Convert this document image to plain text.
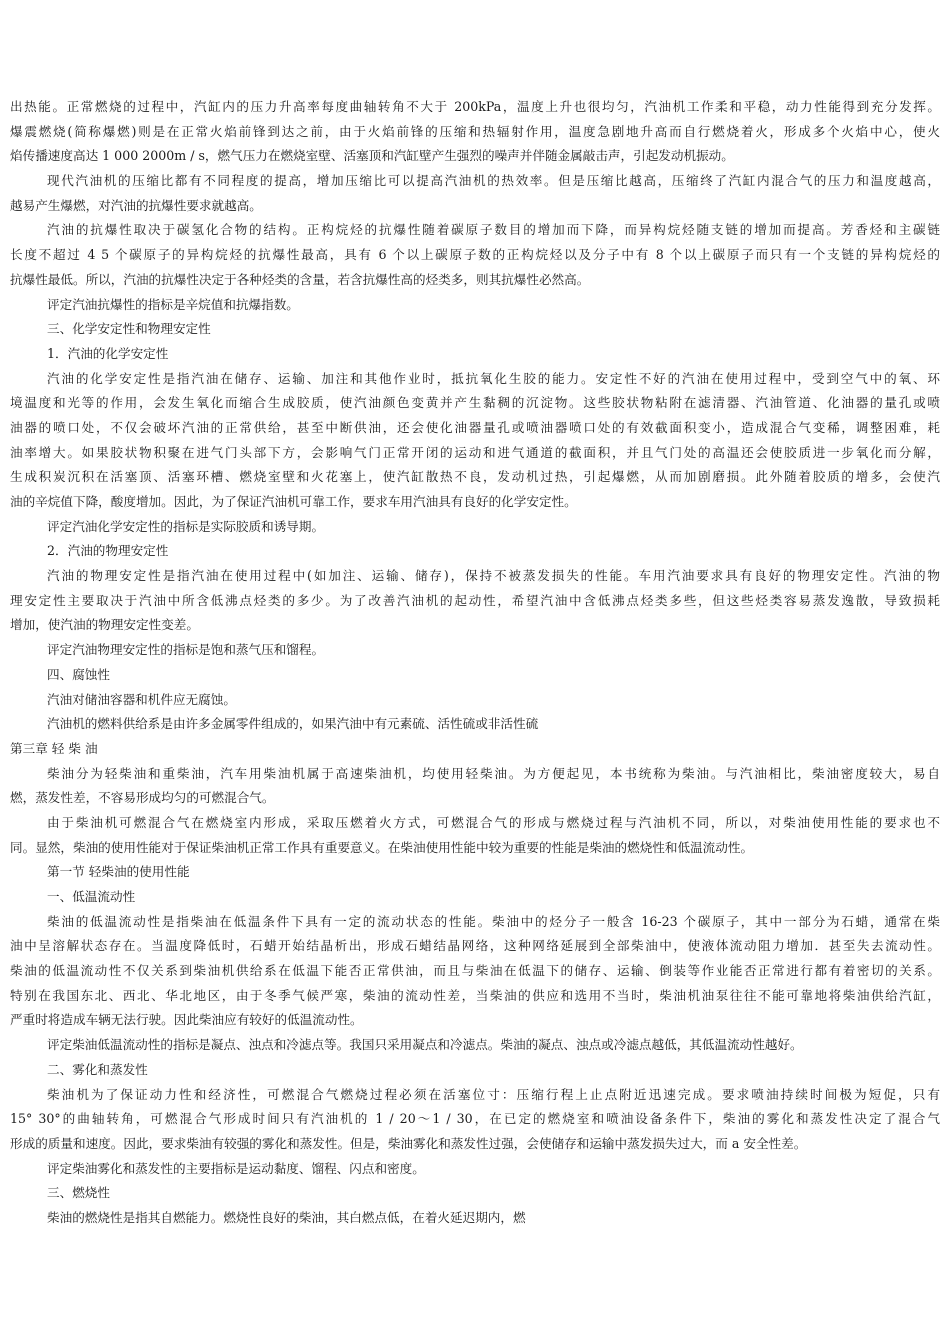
出热能。正常燃烧的过程中，汽缸内的压力升高率每度曲轴转角不大于 200kPa，温度上升也很均匀，汽油机工作柔和平稳，动力性能得到充分发挥。
爆震燃烧(简称爆燃)则是在正常火焰前锋到达之前，由于火焰前锋的压缩和热辐射作用，温度急剧地升高而自行燃烧着火，形成多个火焰中心，使火
焰传播速度高达 1 000 2000m / s，燃气压力在燃烧室壁、活塞顶和汽缸壁产生强烈的噪声并伴随金属敲击声，引起发动机振动。
现代汽油机的压缩比都有不同程度的提高，增加压缩比可以提高汽油机的热效率。但是压缩比越高，压缩终了汽缸内混合气的压力和温度越高，
越易产生爆燃，对汽油的抗爆性要求就越高。
汽油的抗爆性取决于碳氢化合物的结构。正构烷烃的抗爆性随着碳原子数目的增加而下降，而异构烷烃随支链的增加而提高。芳香烃和主碳链
长度不超过 4 5 个碳原子的异构烷烃的抗爆性最高，具有 6 个以上碳原子数的正构烷烃以及分子中有 8 个以上碳原子而只有一个支链的异构烷烃的
抗爆性最低。所以，汽油的抗爆性决定于各种烃类的含量，若含抗爆性高的烃类多，则其抗爆性必然高。
评定汽油抗爆性的指标是辛烷值和抗爆指数。
三、化学安定性和物理安定性
1．汽油的化学安定性
汽油的化学安定性是指汽油在储存、运输、加注和其他作业时，抵抗氧化生胶的能力。安定性不好的汽油在使用过程中，受到空气中的氧、环
境温度和光等的作用，会发生氧化而缩合生成胶质，使汽油颜色变黄并产生黏稠的沉淀物。这些胶状物粘附在滤清器、汽油管道、化油器的量孔或喷
油器的喷口处，不仅会破坏汽油的正常供给，甚至中断供油，还会使化油器量孔或喷油器喷口处的有效截面积变小，造成混合气变稀，调整困难，耗
油率增大。如果胶状物积聚在进气门头部下方，会影响气门正常开闭的运动和进气通道的截面积，并且气门处的高温还会使胶质进一步氧化而分解，
生成积炭沉积在活塞顶、活塞环槽、燃烧室壁和火花塞上，使汽缸散热不良，发动机过热，引起爆燃，从而加剧磨损。此外随着胶质的增多，会使汽
油的辛烷值下降，酸度增加。因此，为了保证汽油机可靠工作，要求车用汽油具有良好的化学安定性。
评定汽油化学安定性的指标是实际胶质和诱导期。
2．汽油的物理安定性
汽油的物理安定性是指汽油在使用过程中(如加注、运输、储存)，保持不被蒸发损失的性能。车用汽油要求具有良好的物理安定性。汽油的物
理安定性主要取决于汽油中所含低沸点烃类的多少。为了改善汽油机的起动性，希望汽油中含低沸点烃类多些，但这些烃类容易蒸发逸散，导致损耗
增加，使汽油的物理安定性变差。
评定汽油物理安定性的指标是饱和蒸气压和馏程。
四、腐蚀性
汽油对储油容器和机件应无腐蚀。
汽油机的燃料供给系是由许多金属零件组成的，如果汽油中有元素硫、活性硫或非活性硫
第三章 轻 柴 油
柴油分为轻柴油和重柴油，汽车用柴油机属于高速柴油机，均使用轻柴油。为方便起见，本书统称为柴油。与汽油相比，柴油密度较大，易自
燃，蒸发性差，不容易形成均匀的可燃混合气。
由于柴油机可燃混合气在燃烧室内形成，采取压燃着火方式，可燃混合气的形成与燃烧过程与汽油机不同，所以，对柴油使用性能的要求也不
同。显然，柴油的使用性能对于保证柴油机正常工作具有重要意义。在柴油使用性能中较为重要的性能是柴油的燃烧性和低温流动性。
第一节 轻柴油的使用性能
一、低温流动性
柴油的低温流动性是指柴油在低温条件下具有一定的流动状态的性能。柴油中的烃分子一般含 16-23 个碳原子，其中一部分为石蜡，通常在柴
油中呈溶解状态存在。当温度降低时，石蜡开始结晶析出，形成石蜡结晶网络，这种网络延展到全部柴油中，使液体流动阻力增加．甚至失去流动性。
柴油的低温流动性不仅关系到柴油机供给系在低温下能否正常供油，而且与柴油在低温下的储存、运输、倒装等作业能否正常进行都有着密切的关系。
特别在我国东北、西北、华北地区，由于冬季气候严寒，柴油的流动性差，当柴油的供应和选用不当时，柴油机油泵往往不能可靠地将柴油供给汽缸，
严重时将造成车辆无法行驶。因此柴油应有较好的低温流动性。
评定柴油低温流动性的指标是凝点、浊点和冷滤点等。我国只采用凝点和冷滤点。柴油的凝点、浊点或冷滤点越低，其低温流动性越好。
二、雾化和蒸发性
柴油机为了保证动力性和经济性，可燃混合气燃烧过程必须在活塞位寸：压缩行程上止点附近迅速完成。要求喷油持续时间极为短促，只有
15° 30°的曲轴转角，可燃混合气形成时间只有汽油机的 1 / 20～1 / 30，在已定的燃烧室和喷油设备条件下，柴油的雾化和蒸发性决定了混合气
形成的质量和速度。因此，要求柴油有较强的雾化和蒸发性。但是，柴油雾化和蒸发性过强，会使储存和运输中蒸发损失过大，而 a 安全性差。
评定柴油雾化和蒸发性的主要指标是运动黏度、馏程、闪点和密度。
三、燃烧性
柴油的燃烧性是指其自燃能力。燃烧性良好的柴油，其白燃点低，在着火延迟期内，燃
